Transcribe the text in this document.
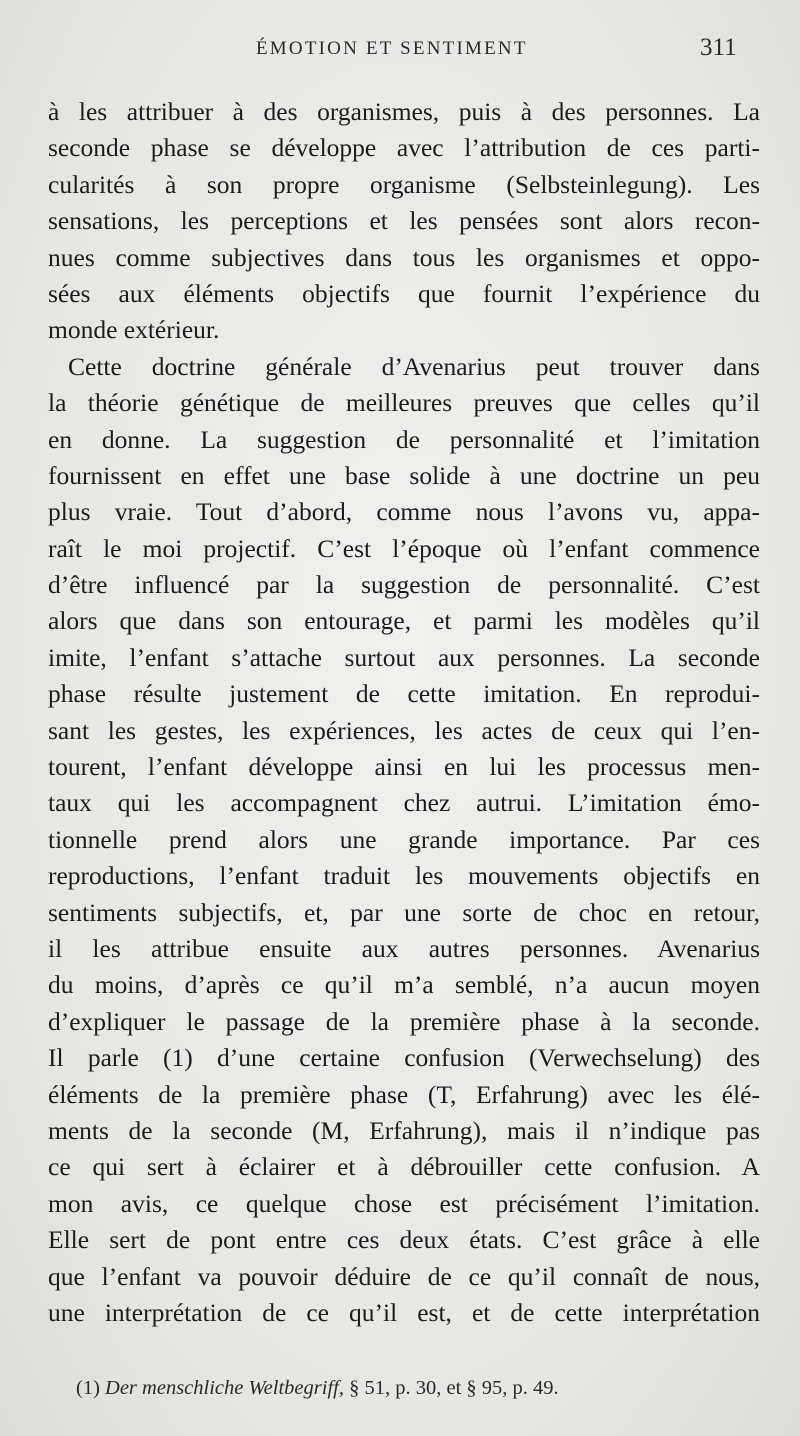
ÉMOTION ET SENTIMENT	311
à les attribuer à des organismes, puis à des personnes. La
seconde phase se développe avec l’attribution de ces parti-
cularités à son propre organisme (Selbsteinlegung). Les
sensations, les perceptions et les pensées sont alors recon-
nues comme subjectives dans tous les organismes et oppo-
sées aux éléments objectifs que fournit l’expérience du
monde extérieur.
Cette doctrine générale d’Avenarius peut trouver dans
la théorie génétique de meilleures preuves que celles qu’il
en donne. La suggestion de personnalité et l’imitation
fournissent en effet une base solide à une doctrine un peu
plus vraie. Tout d’abord, comme nous l’avons vu, appa-
raît le moi projectif. C’est l’époque où l’enfant commence
d’être influencé par la suggestion de personnalité. C’est
alors que dans son entourage, et parmi les modèles qu’il
imite, l’enfant s’attache surtout aux personnes. La seconde
phase résulte justement de cette imitation. En reprodui-
sant les gestes, les expériences, les actes de ceux qui l’en-
tourent, l’enfant développe ainsi en lui les processus men-
taux qui les accompagnent chez autrui. L’imitation émo-
tionnelle prend alors une grande importance. Par ces
reproductions, l’enfant traduit les mouvements objectifs en
sentiments subjectifs, et, par une sorte de choc en retour,
il les attribue ensuite aux autres personnes. Avenarius
du moins, d’après ce qu’il m’a semblé, n’a aucun moyen
d’expliquer le passage de la première phase à la seconde.
Il parle (1) d’une certaine confusion (Verwechselung) des
éléments de la première phase (T, Erfahrung) avec les élé-
ments de la seconde (M, Erfahrung), mais il n’indique pas
ce qui sert à éclairer et à débrouiller cette confusion. A
mon avis, ce quelque chose est précisément l’imitation.
Elle sert de pont entre ces deux états. C’est grâce à elle
que l’enfant va pouvoir déduire de ce qu’il connaît de nous,
une interprétation de ce qu’il est, et de cette interprétation
(1) Der menschliche Weltbegriff, § 51, p. 30, et § 95, p. 49.
